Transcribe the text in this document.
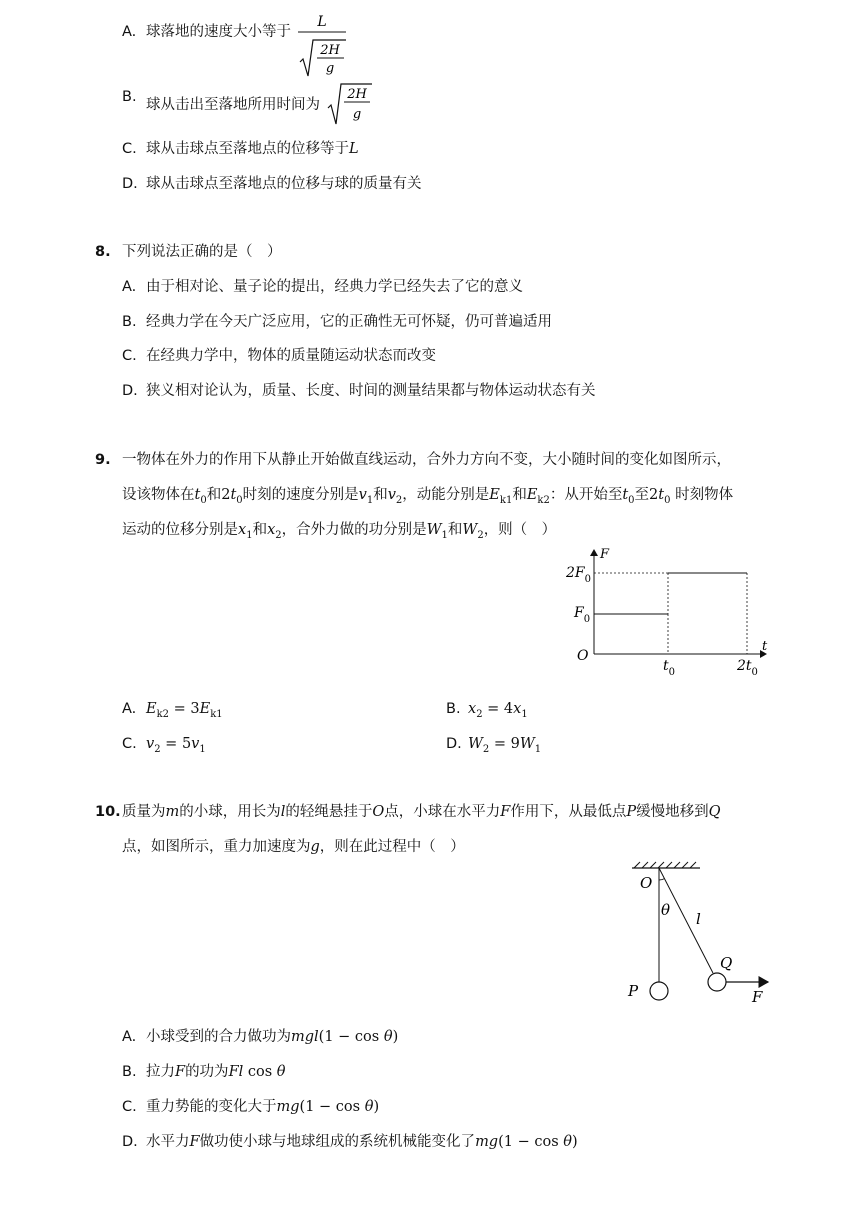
A. 球落地的速度大小等于
L
2H
g
B. 球从击出至落地所用时间为
2H
g
C. 球从击球点至落地点的位移等于L
D. 球从击球点至落地点的位移与球的质量有关
8. 下列说法正确的是（　）
A. 由于相对论、量子论的提出，经典力学已经失去了它的意义
B. 经典力学在今天广泛应用，它的正确性无可怀疑，仍可普遍适用
C. 在经典力学中，物体的质量随运动状态而改变
D. 狭义相对论认为，质量、长度、时间的测量结果都与物体运动状态有关
9. 一物体在外力的作用下从静止开始做直线运动，合外力方向不变，大小随时间的变化如图所示，
设该物体在$t_0$和$2t_0$时刻的速度分别是$v_1$和$v_2$，动能分别是$E_{k1}$和$E_{k2}$：从开始至$t_0$至$2t_0$ 时刻物体
运动的位移分别是$x_1$和$x_2$，合外力做的功分别是$W_1$和$W_2$，则（　）
F
t
O
$2F_0$
$F_0$
$t_0$	$2t_0$
A. $E_{k2} = 3E_{k1}$	B. $x_2 = 4x_1$
C. $v_2 = 5v_1$	D. $W_2 = 9W_1$
10. 质量为m的小球，用长为l的轻绳悬挂于O点，小球在水平力F作用下，从最低点P缓慢地移到Q
点，如图所示，重力加速度为g，则在此过程中（　）
O
θ l
Q
P	F
A. 小球受到的合力做功为mgl(1 − cos θ)
B. 拉力F的功为Fl cos θ
C. 重力势能的变化大于mg(1 − cos θ)
D. 水平力F做功使小球与地球组成的系统机械能变化了mg(1 − cos θ)
